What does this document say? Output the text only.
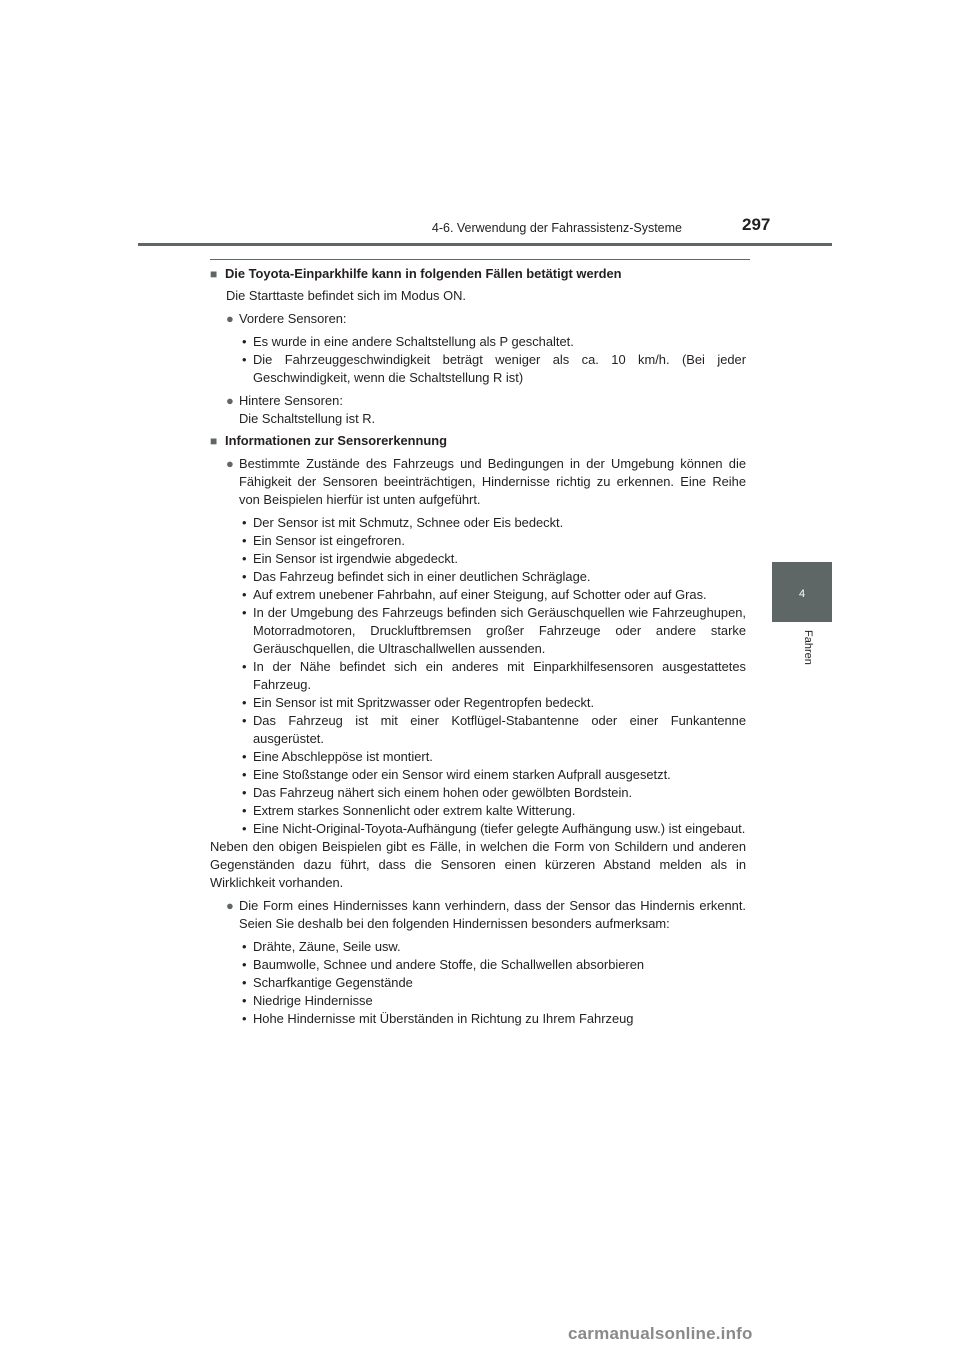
4-6. Verwendung der Fahrassistenz-Systeme	297
4
Fahren
■ Die Toyota-Einparkhilfe kann in folgenden Fällen betätigt werden
Die Starttaste befindet sich im Modus ON.
● Vordere Sensoren:
• Es wurde in eine andere Schaltstellung als P geschaltet.
• Die Fahrzeuggeschwindigkeit beträgt weniger als ca. 10 km/h. (Bei jeder Geschwindigkeit, wenn die Schaltstellung R ist)
● Hintere Sensoren:
Die Schaltstellung ist R.
■ Informationen zur Sensorerkennung
● Bestimmte Zustände des Fahrzeugs und Bedingungen in der Umgebung können die Fähigkeit der Sensoren beeinträchtigen, Hindernisse richtig zu erkennen. Eine Reihe von Beispielen hierfür ist unten aufgeführt.
• Der Sensor ist mit Schmutz, Schnee oder Eis bedeckt.
• Ein Sensor ist eingefroren.
• Ein Sensor ist irgendwie abgedeckt.
• Das Fahrzeug befindet sich in einer deutlichen Schräglage.
• Auf extrem unebener Fahrbahn, auf einer Steigung, auf Schotter oder auf Gras.
• In der Umgebung des Fahrzeugs befinden sich Geräuschquellen wie Fahrzeughupen, Motorradmotoren, Druckluftbremsen großer Fahrzeuge oder andere starke Geräuschquellen, die Ultraschallwellen aussenden.
• In der Nähe befindet sich ein anderes mit Einparkhilfesensoren ausgestattetes Fahrzeug.
• Ein Sensor ist mit Spritzwasser oder Regentropfen bedeckt.
• Das Fahrzeug ist mit einer Kotflügel-Stabantenne oder einer Funkantenne ausgerüstet.
• Eine Abschleppöse ist montiert.
• Eine Stoßstange oder ein Sensor wird einem starken Aufprall ausgesetzt.
• Das Fahrzeug nähert sich einem hohen oder gewölbten Bordstein.
• Extrem starkes Sonnenlicht oder extrem kalte Witterung.
• Eine Nicht-Original-Toyota-Aufhängung (tiefer gelegte Aufhängung usw.) ist eingebaut.
Neben den obigen Beispielen gibt es Fälle, in welchen die Form von Schildern und anderen Gegenständen dazu führt, dass die Sensoren einen kürzeren Abstand melden als in Wirklichkeit vorhanden.
● Die Form eines Hindernisses kann verhindern, dass der Sensor das Hindernis erkennt. Seien Sie deshalb bei den folgenden Hindernissen besonders aufmerksam:
• Drähte, Zäune, Seile usw.
• Baumwolle, Schnee und andere Stoffe, die Schallwellen absorbieren
• Scharfkantige Gegenstände
• Niedrige Hindernisse
• Hohe Hindernisse mit Überständen in Richtung zu Ihrem Fahrzeug
carmanualsonline.info
